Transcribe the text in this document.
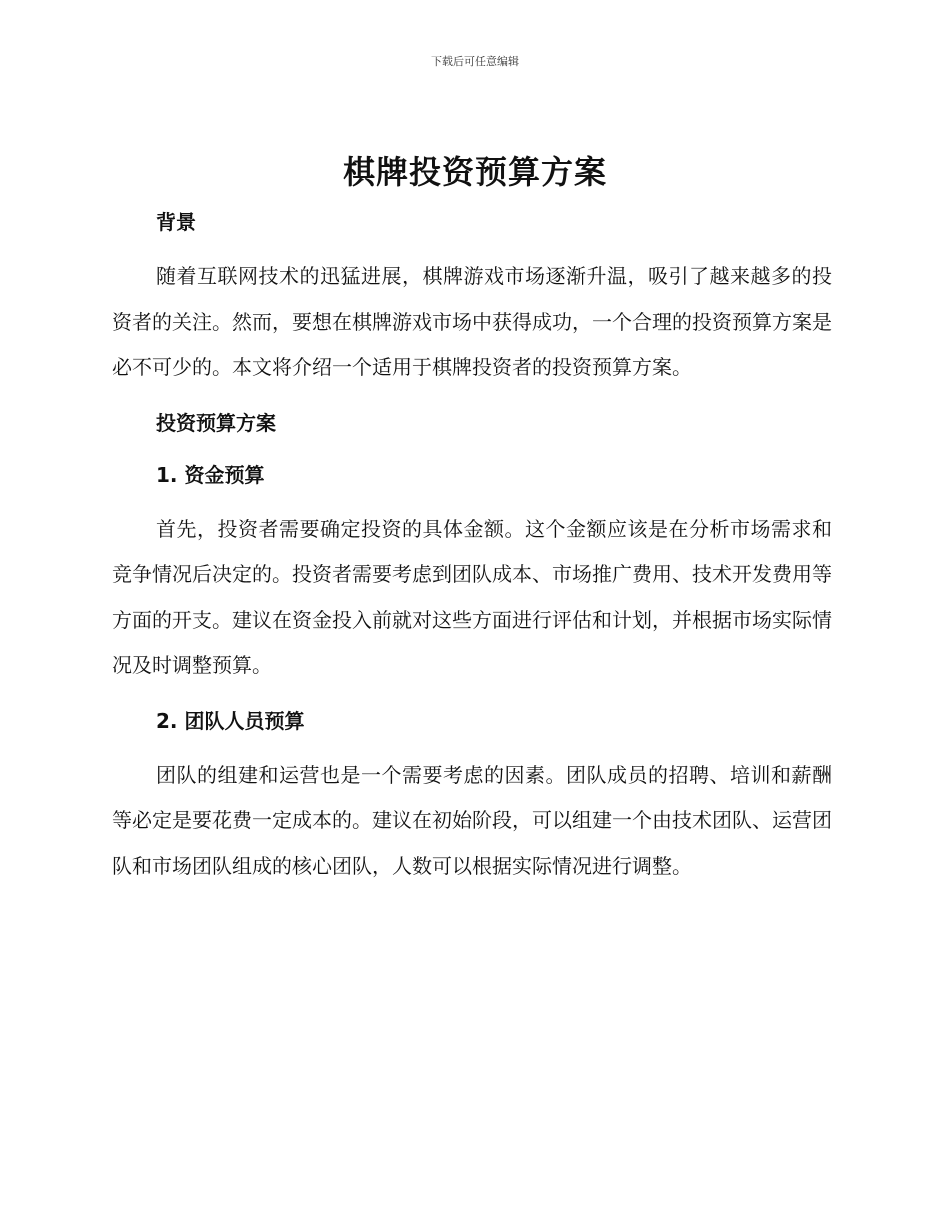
下载后可任意编辑
棋牌投资预算方案

背景

随着互联网技术的迅猛进展，棋牌游戏市场逐渐升温，吸引了越来越多的投资者的关注。然而，要想在棋牌游戏市场中获得成功，一个合理的投资预算方案是必不可少的。本文将介绍一个适用于棋牌投资者的投资预算方案。

投资预算方案

1. 资金预算

首先，投资者需要确定投资的具体金额。这个金额应该是在分析市场需求和竞争情况后决定的。投资者需要考虑到团队成本、市场推广费用、技术开发费用等方面的开支。建议在资金投入前就对这些方面进行评估和计划，并根据市场实际情况及时调整预算。

2. 团队人员预算

团队的组建和运营也是一个需要考虑的因素。团队成员的招聘、培训和薪酬等必定是要花费一定成本的。建议在初始阶段，可以组建一个由技术团队、运营团队和市场团队组成的核心团队，人数可以根据实际情况进行调整。
